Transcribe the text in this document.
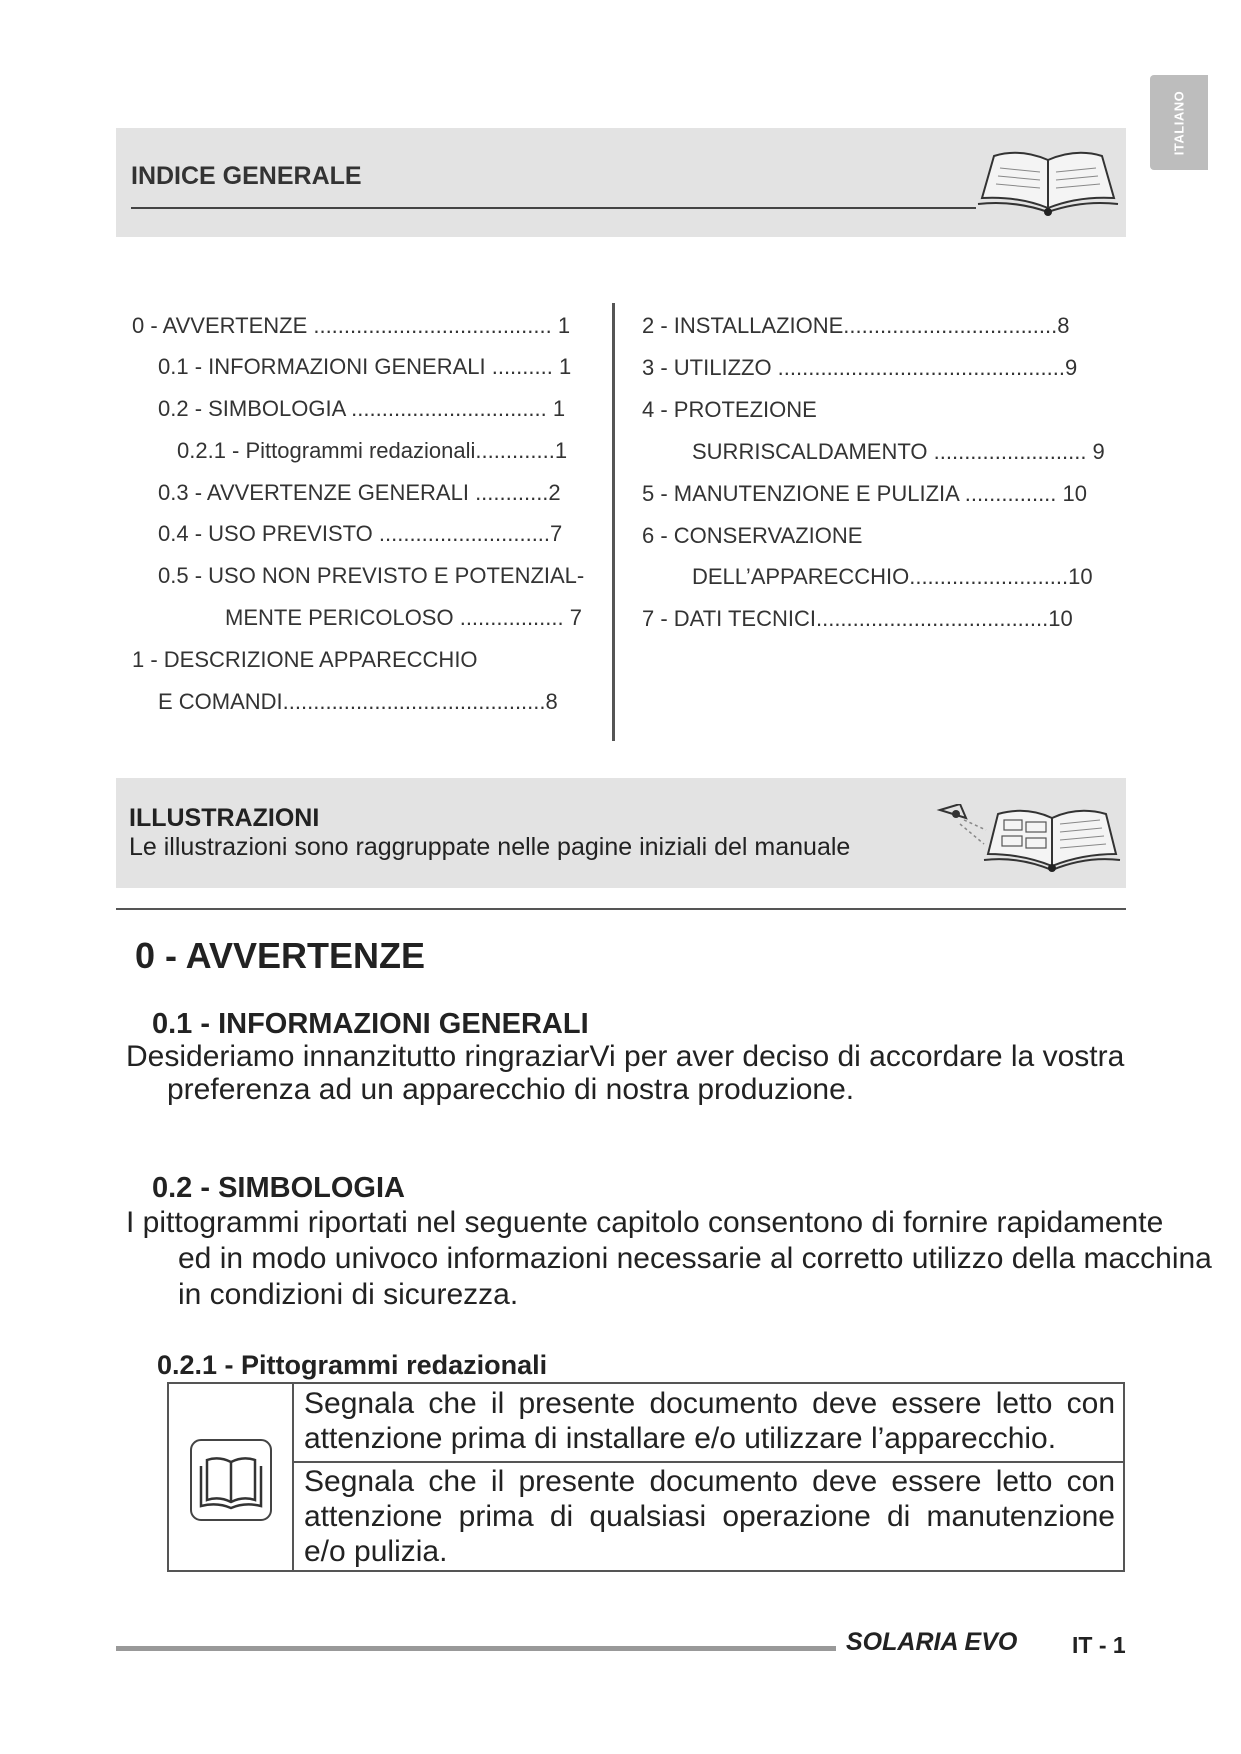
ITALIANO
INDICE GENERALE
0 - AVVERTENZE ....................................... 1
0.1 - INFORMAZIONI GENERALI .......... 1
0.2 - SIMBOLOGIA ................................ 1
0.2.1 - Pittogrammi redazionali.............1
0.3 - AVVERTENZE GENERALI ............2
0.4 - USO PREVISTO ............................7
0.5 - USO NON PREVISTO E POTENZIAL-
MENTE PERICOLOSO ................. 7
1 - DESCRIZIONE APPARECCHIO
E COMANDI...........................................8
2 - INSTALLAZIONE...................................8
3 - UTILIZZO ...............................................9
4 - PROTEZIONE
SURRISCALDAMENTO ......................... 9
5 - MANUTENZIONE E PULIZIA ............... 10
6 - CONSERVAZIONE
DELL’APPARECCHIO..........................10
7 - DATI TECNICI......................................10
ILLUSTRAZIONI
Le illustrazioni sono raggruppate nelle pagine iniziali del manuale
0 - AVVERTENZE
0.1 - INFORMAZIONI GENERALI
Desideriamo innanzitutto ringraziarVi per aver deciso di accordare la vostra
preferenza ad un apparecchio di nostra produzione.
0.2 - SIMBOLOGIA
I pittogrammi riportati nel seguente capitolo consentono di fornire rapidamente
ed in modo univoco informazioni necessarie al corretto utilizzo della macchina
in condizioni di sicurezza.
0.2.1 - Pittogrammi redazionali
Segnala che il presente documento deve essere letto con attenzione prima di installare e/o utilizzare l’apparecchio.
Segnala che il presente documento deve essere letto con attenzione prima di qualsiasi operazione di manutenzione e/o pulizia.
SOLARIA EVO IT - 1
